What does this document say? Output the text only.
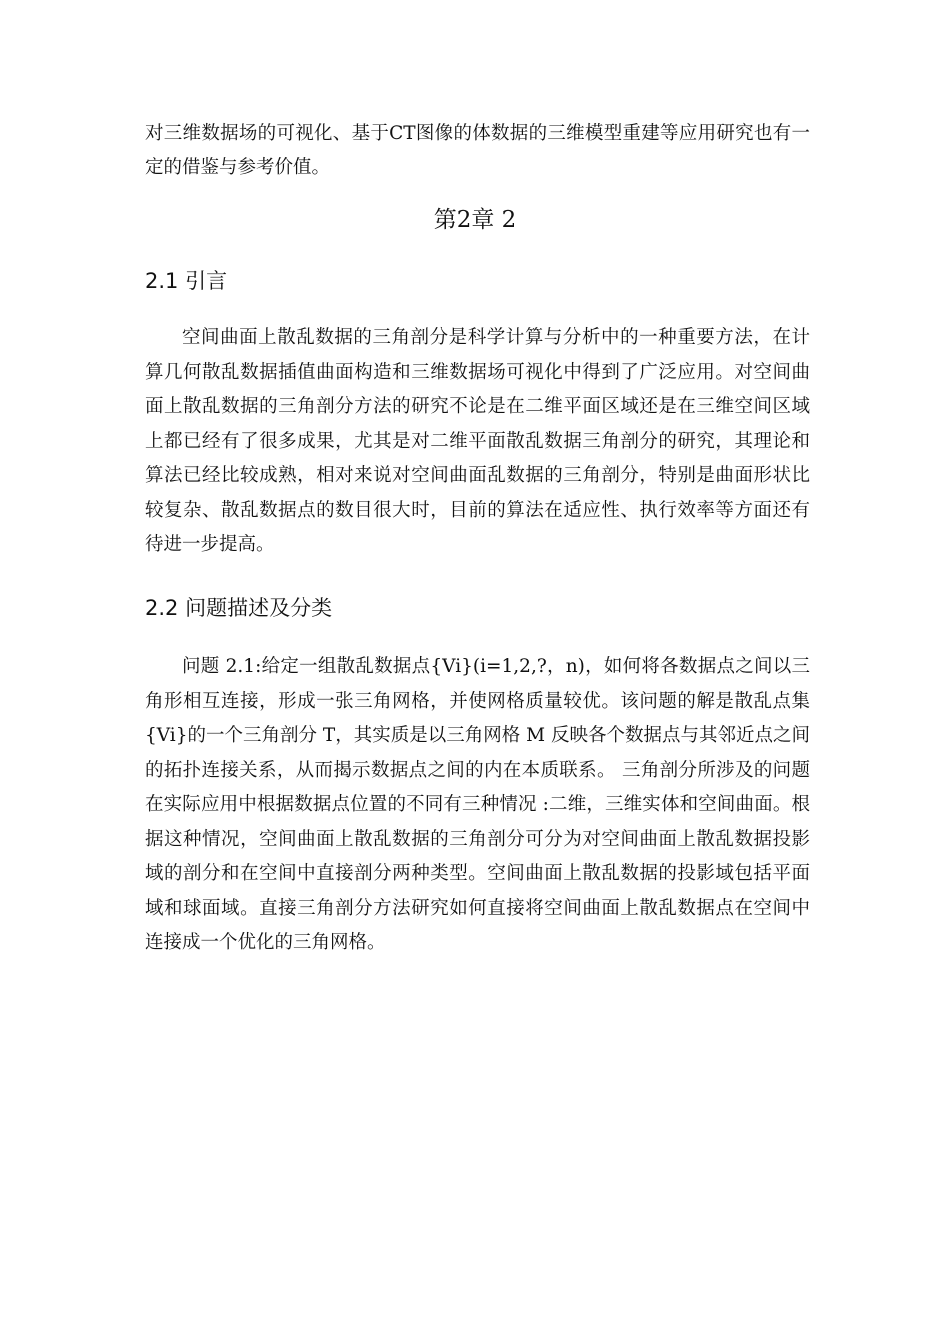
对三维数据场的可视化、基于CT图像的体数据的三维模型重建等应用研究也有一定的借鉴与参考价值。

第2章 2
2.1 引言

空间曲面上散乱数据的三角剖分是科学计算与分析中的一种重要方法，在计算几何散乱数据插值曲面构造和三维数据场可视化中得到了广泛应用。对空间曲面上散乱数据的三角剖分方法的研究不论是在二维平面区域还是在三维空间区域上都已经有了很多成果，尤其是对二维平面散乱数据三角剖分的研究，其理论和算法已经比较成熟，相对来说对空间曲面乱数据的三角剖分，特别是曲面形状比较复杂、散乱数据点的数目很大时，目前的算法在适应性、执行效率等方面还有待进一步提高。

2.2 问题描述及分类

问题 2.1:给定一组散乱数据点{Vi}(i=1,2,?，n)，如何将各数据点之间以三角形相互连接，形成一张三角网格，并使网格质量较优。该问题的解是散乱点集{Vi}的一个三角剖分 T，其实质是以三角网格 M 反映各个数据点与其邻近点之间的拓扑连接关系，从而揭示数据点之间的内在本质联系。 三角剖分所涉及的问题在实际应用中根据数据点位置的不同有三种情况 :二维，三维实体和空间曲面。根据这种情况，空间曲面上散乱数据的三角剖分可分为对空间曲面上散乱数据投影域的剖分和在空间中直接剖分两种类型。空间曲面上散乱数据的投影域包括平面域和球面域。直接三角剖分方法研究如何直接将空间曲面上散乱数据点在空间中连接成一个优化的三角网格。
